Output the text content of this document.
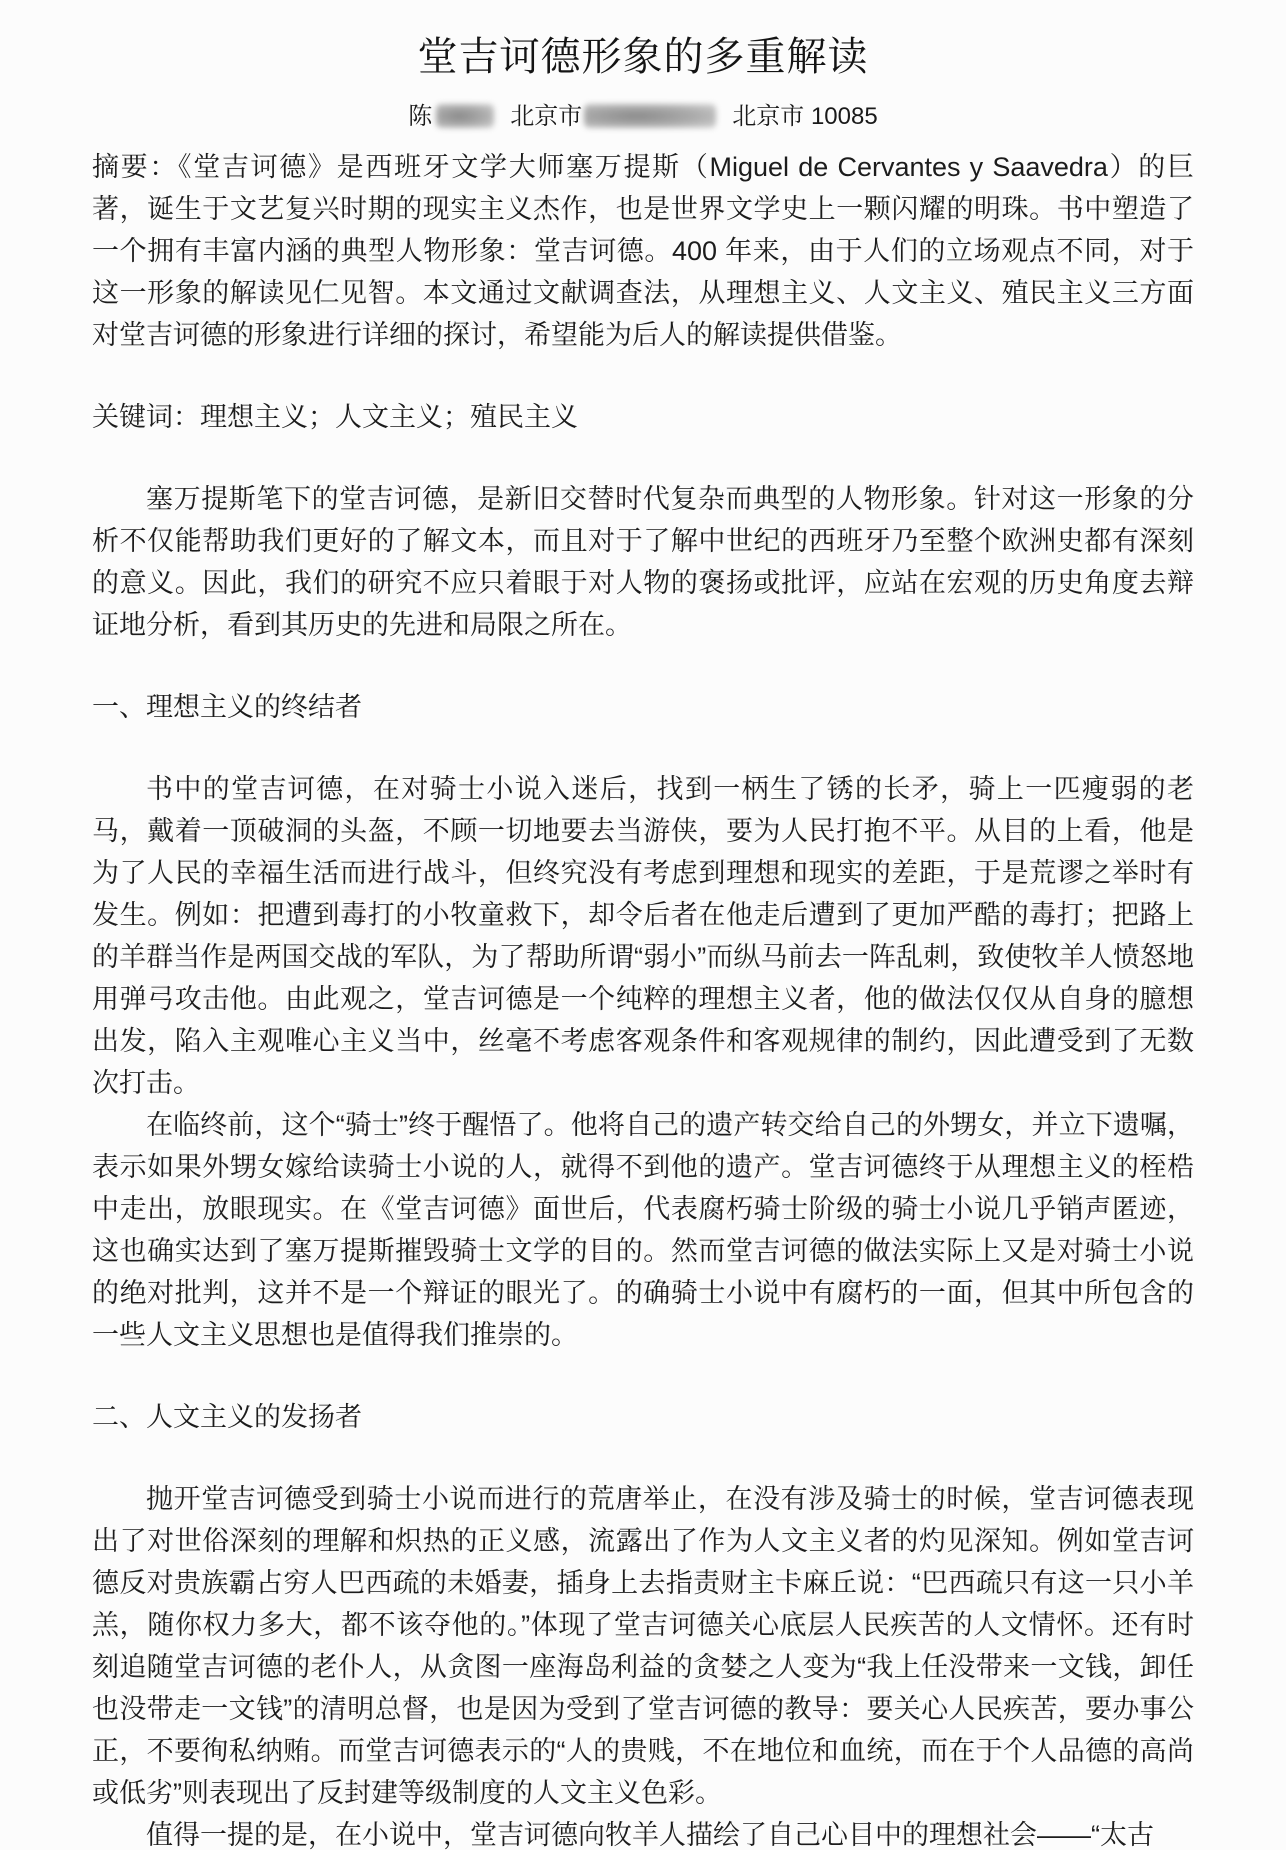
堂吉诃德形象的多重解读
陈	北京市	北京市 10085

摘要：《堂吉诃德》是西班牙文学大师塞万提斯（Miguel de Cervantes y Saavedra）的巨著，诞生于文艺复兴时期的现实主义杰作，也是世界文学史上一颗闪耀的明珠。书中塑造了一个拥有丰富内涵的典型人物形象：堂吉诃德。400 年来，由于人们的立场观点不同，对于这一形象的解读见仁见智。本文通过文献调查法，从理想主义、人文主义、殖民主义三方面对堂吉诃德的形象进行详细的探讨，希望能为后人的解读提供借鉴。

关键词：理想主义；人文主义；殖民主义

塞万提斯笔下的堂吉诃德，是新旧交替时代复杂而典型的人物形象。针对这一形象的分析不仅能帮助我们更好的了解文本，而且对于了解中世纪的西班牙乃至整个欧洲史都有深刻的意义。因此，我们的研究不应只着眼于对人物的褒扬或批评，应站在宏观的历史角度去辩证地分析，看到其历史的先进和局限之所在。

一、理想主义的终结者

书中的堂吉诃德，在对骑士小说入迷后，找到一柄生了锈的长矛，骑上一匹瘦弱的老马，戴着一顶破洞的头盔，不顾一切地要去当游侠，要为人民打抱不平。从目的上看，他是为了人民的幸福生活而进行战斗，但终究没有考虑到理想和现实的差距，于是荒谬之举时有发生。例如：把遭到毒打的小牧童救下，却令后者在他走后遭到了更加严酷的毒打；把路上的羊群当作是两国交战的军队，为了帮助所谓“弱小”而纵马前去一阵乱刺，致使牧羊人愤怒地用弹弓攻击他。由此观之，堂吉诃德是一个纯粹的理想主义者，他的做法仅仅从自身的臆想出发，陷入主观唯心主义当中，丝毫不考虑客观条件和客观规律的制约，因此遭受到了无数次打击。

在临终前，这个“骑士”终于醒悟了。他将自己的遗产转交给自己的外甥女，并立下遗嘱，表示如果外甥女嫁给读骑士小说的人，就得不到他的遗产。堂吉诃德终于从理想主义的桎梏中走出，放眼现实。在《堂吉诃德》面世后，代表腐朽骑士阶级的骑士小说几乎销声匿迹，这也确实达到了塞万提斯摧毁骑士文学的目的。然而堂吉诃德的做法实际上又是对骑士小说的绝对批判，这并不是一个辩证的眼光了。的确骑士小说中有腐朽的一面，但其中所包含的一些人文主义思想也是值得我们推崇的。

二、人文主义的发扬者

抛开堂吉诃德受到骑士小说而进行的荒唐举止，在没有涉及骑士的时候，堂吉诃德表现出了对世俗深刻的理解和炽热的正义感，流露出了作为人文主义者的灼见深知。例如堂吉诃德反对贵族霸占穷人巴西疏的未婚妻，插身上去指责财主卡麻丘说：“巴西疏只有这一只小羊羔，随你权力多大，都不该夺他的。”体现了堂吉诃德关心底层人民疾苦的人文情怀。还有时刻追随堂吉诃德的老仆人，从贪图一座海岛利益的贪婪之人变为“我上任没带来一文钱，卸任也没带走一文钱”的清明总督，也是因为受到了堂吉诃德的教导：要关心人民疾苦，要办事公正，不要徇私纳贿。而堂吉诃德表示的“人的贵贱，不在地位和血统，而在于个人品德的高尚或低劣”则表现出了反封建等级制度的人文主义色彩。

值得一提的是，在小说中，堂吉诃德向牧羊人描绘了自己心目中的理想社会——“太古
